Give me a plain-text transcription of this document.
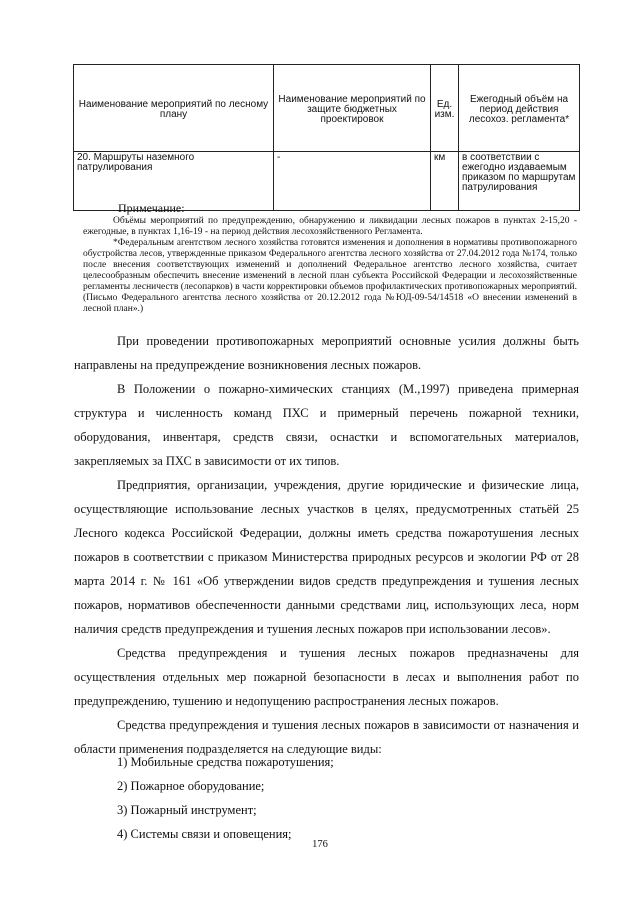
Наименование мероприятий по лесному плану	Наименование мероприятий по защите бюджетных проектировок	Ед. изм.	Ежегодный объём на период действия лесохоз. регламента*
20. Маршруты наземного патрулирования	-	км	в соответствии с ежегодно издаваемым приказом по маршрутам патрулирования
Примечание:

Объёмы мероприятий по предупреждению, обнаружению и ликвидации лесных пожаров в пунктах 2-15,20 - ежегодные, в пунктах 1,16-19 - на период действия лесохозяйственного Регламента.

*Федеральным агентством лесного хозяйства готовятся изменения и дополнения в нормативы противопожарного обустройства лесов, утвержденные приказом Федерального агентства лесного хозяйства от 27.04.2012 года №174, только после внесения соответствующих изменений и дополнений Федеральное агентство лесного хозяйства, считает целесообразным обеспечить внесение изменений в лесной план субъекта Российской Федерации и лесохозяйственные регламенты лесничеств (лесопарков) в части корректировки объемов профилактических противопожарных мероприятий. (Письмо Федерального агентства лесного хозяйства от 20.12.2012 года №ЮД-09-54/14518 «О внесении изменений в лесной план».)

При проведении противопожарных мероприятий основные усилия должны быть направлены на предупреждение возникновения лесных пожаров.

В Положении о пожарно-химических станциях (М.,1997) приведена примерная структура и численность команд ПХС и примерный перечень пожарной техники, оборудования, инвентаря, средств связи, оснастки и вспомогательных материалов, закрепляемых за ПХС в зависимости от их типов.

Предприятия, организации, учреждения, другие юридические и физические лица, осуществляющие использование лесных участков в целях, предусмотренных статьёй 25 Лесного кодекса Российской Федерации, должны иметь средства пожаротушения лесных пожаров в соответствии с приказом Министерства природных ресурсов и экологии РФ от 28 марта 2014 г. № 161 «Об утверждении видов средств предупреждения и тушения лесных пожаров, нормативов обеспеченности данными средствами лиц, использующих леса, норм наличия средств предупреждения и тушения лесных пожаров при использовании лесов».

Средства предупреждения и тушения лесных пожаров предназначены для осуществления отдельных мер пожарной безопасности в лесах и выполнения работ по предупреждению, тушению и недопущению распространения лесных пожаров.

Средства предупреждения и тушения лесных пожаров в зависимости от назначения и области применения подразделяется на следующие виды:

1) Мобильные средства пожаротушения;
2) Пожарное оборудование;
3) Пожарный инструмент;
4) Системы связи и оповещения;
176
